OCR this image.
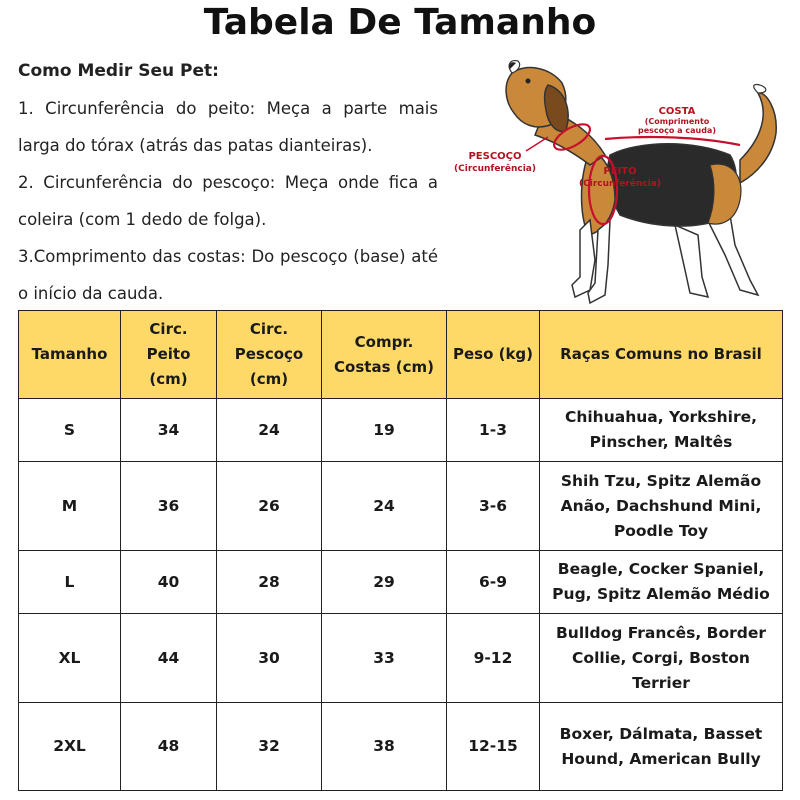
Tabela De Tamanho
Como Medir Seu Pet:

1. Circunferência do peito: Meça a parte mais larga do tórax (atrás das patas dianteiras).

2. Circunferência do pescoço: Meça onde fica a coleira (com 1 dedo de folga).

3.Comprimento das costas: Do pescoço (base) até o início da cauda.

PESCOÇO
(Circunferência)
COSTA
(Comprimento
pescoço a cauda)
PEITO
(Circunferência)
Tamanho	Circ. Peito (cm)	Circ. Pescoço (cm)	Compr. Costas (cm)	Peso (kg)	Raças Comuns no Brasil
S	34	24	19	1-3	Chihuahua, Yorkshire, Pinscher, Maltês
M	36	26	24	3-6	Shih Tzu, Spitz Alemão Anão, Dachshund Mini, Poodle Toy
L	40	28	29	6-9	Beagle, Cocker Spaniel, Pug, Spitz Alemão Médio
XL	44	30	33	9-12	Bulldog Francês, Border Collie, Corgi, Boston Terrier
2XL	48	32	38	12-15	Boxer, Dálmata, Basset Hound, American Bully
